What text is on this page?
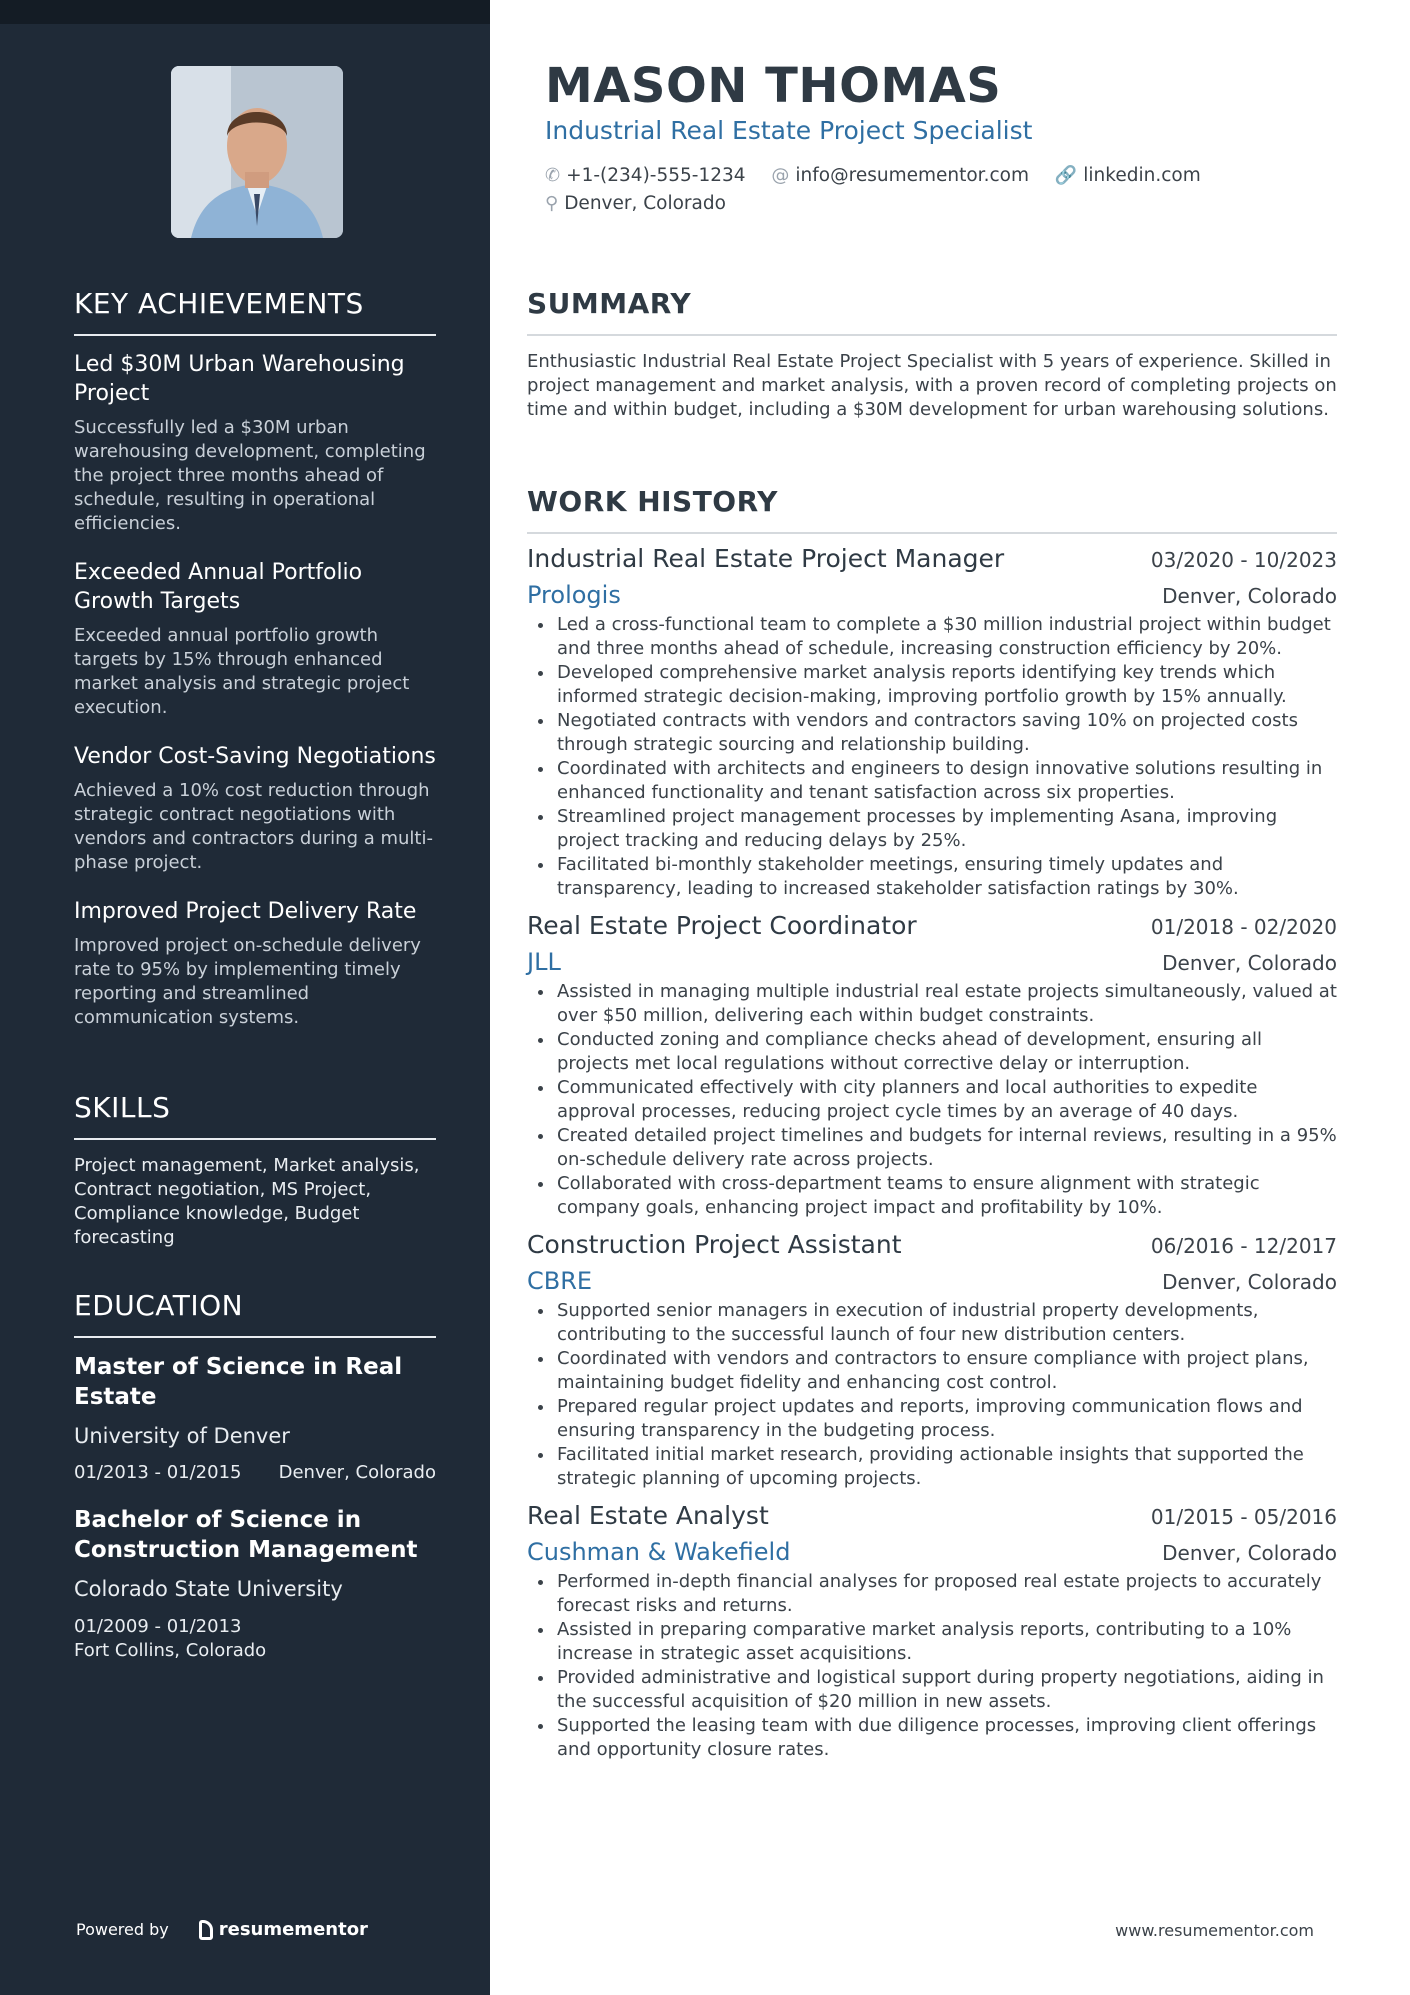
KEY ACHIEVEMENTS
Led $30M Urban Warehousing Project
Successfully led a $30M urban warehousing development, completing the project three months ahead of schedule, resulting in operational efficiencies.
Exceeded Annual Portfolio Growth Targets
Exceeded annual portfolio growth targets by 15% through enhanced market analysis and strategic project execution.
Vendor Cost-Saving Negotiations
Achieved a 10% cost reduction through strategic contract negotiations with vendors and contractors during a multi-phase project.
Improved Project Delivery Rate
Improved project on-schedule delivery rate to 95% by implementing timely reporting and streamlined communication systems.
SKILLS
Project management, Market analysis, Contract negotiation, MS Project, Compliance knowledge, Budget forecasting
EDUCATION
Master of Science in Real Estate
University of Denver
01/2013 - 01/2015 Denver, Colorado
Bachelor of Science in Construction Management
Colorado State University
01/2009 - 01/2013
Fort Collins, Colorado
Powered by	resumementor
MASON THOMAS
Industrial Real Estate Project Specialist
✆ +1-(234)-555-1234
@ info@resumementor.com
🔗 linkedin.com

⚲ Denver, Colorado
SUMMARY
Enthusiastic Industrial Real Estate Project Specialist with 5 years of experience. Skilled in project management and market analysis, with a proven record of completing projects on time and within budget, including a $30M development for urban warehousing solutions.
WORK HISTORY
Industrial Real Estate Project Manager	03/2020 - 10/2023
Prologis	Denver, Colorado
• Led a cross-functional team to complete a $30 million industrial project within budget and three months ahead of schedule, increasing construction efficiency by 20%.
• Developed comprehensive market analysis reports identifying key trends which informed strategic decision-making, improving portfolio growth by 15% annually.
• Negotiated contracts with vendors and contractors saving 10% on projected costs through strategic sourcing and relationship building.
• Coordinated with architects and engineers to design innovative solutions resulting in enhanced functionality and tenant satisfaction across six properties.
• Streamlined project management processes by implementing Asana, improving project tracking and reducing delays by 25%.
• Facilitated bi-monthly stakeholder meetings, ensuring timely updates and transparency, leading to increased stakeholder satisfaction ratings by 30%.
Real Estate Project Coordinator	01/2018 - 02/2020
JLL	Denver, Colorado
• Assisted in managing multiple industrial real estate projects simultaneously, valued at over $50 million, delivering each within budget constraints.
• Conducted zoning and compliance checks ahead of development, ensuring all projects met local regulations without corrective delay or interruption.
• Communicated effectively with city planners and local authorities to expedite approval processes, reducing project cycle times by an average of 40 days.
• Created detailed project timelines and budgets for internal reviews, resulting in a 95% on-schedule delivery rate across projects.
• Collaborated with cross-department teams to ensure alignment with strategic company goals, enhancing project impact and profitability by 10%.
Construction Project Assistant	06/2016 - 12/2017
CBRE	Denver, Colorado
• Supported senior managers in execution of industrial property developments, contributing to the successful launch of four new distribution centers.
• Coordinated with vendors and contractors to ensure compliance with project plans, maintaining budget fidelity and enhancing cost control.
• Prepared regular project updates and reports, improving communication flows and ensuring transparency in the budgeting process.
• Facilitated initial market research, providing actionable insights that supported the strategic planning of upcoming projects.
Real Estate Analyst	01/2015 - 05/2016
Cushman & Wakefield	Denver, Colorado
• Performed in-depth financial analyses for proposed real estate projects to accurately forecast risks and returns.
• Assisted in preparing comparative market analysis reports, contributing to a 10% increase in strategic asset acquisitions.
• Provided administrative and logistical support during property negotiations, aiding in the successful acquisition of $20 million in new assets.
• Supported the leasing team with due diligence processes, improving client offerings and opportunity closure rates.
www.resumementor.com
